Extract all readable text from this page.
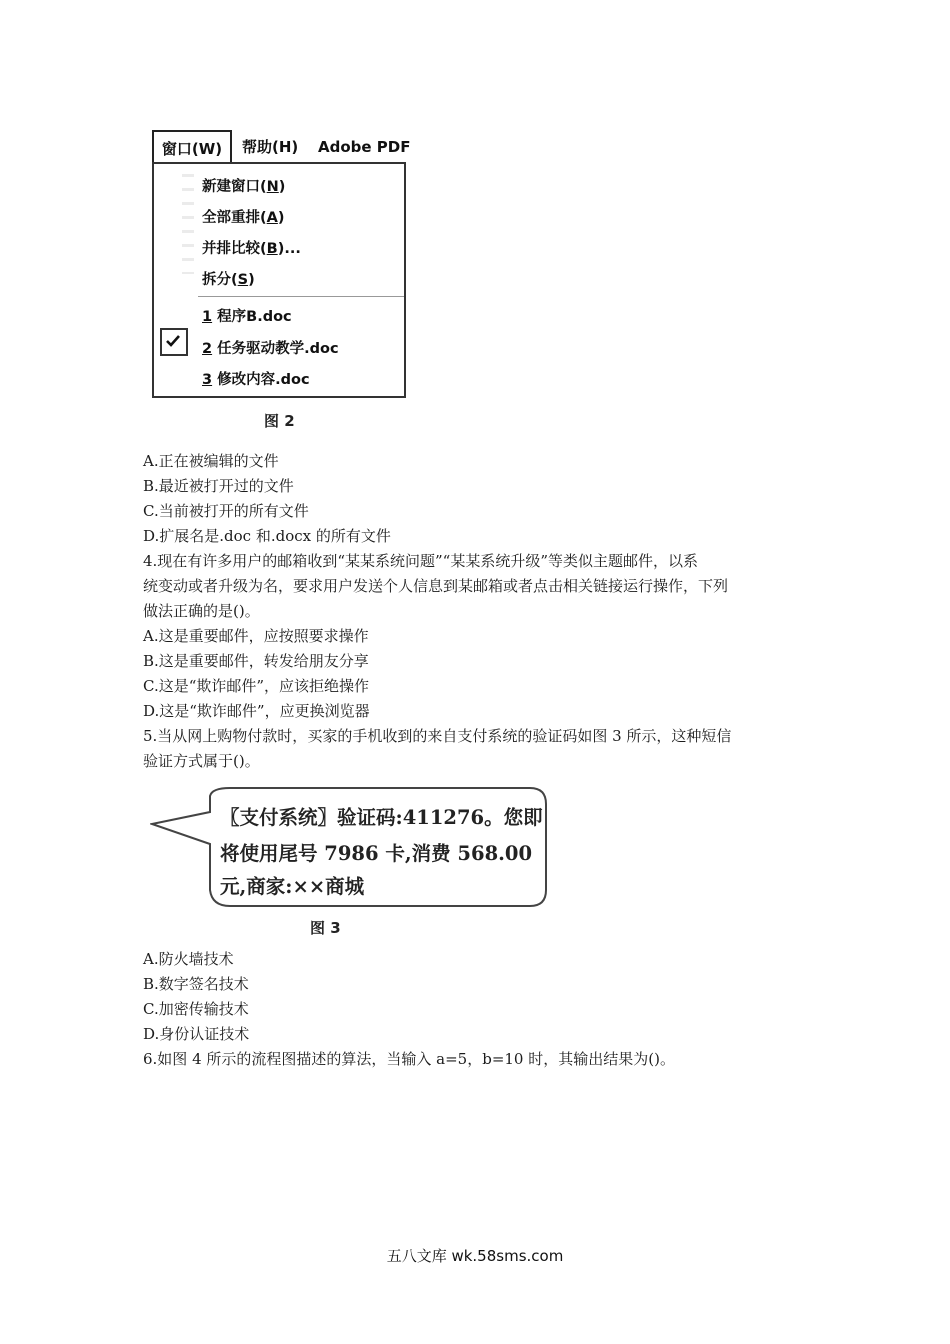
窗口(W)	帮助(H) Adobe PDF
新建窗口(N)
全部重排(A)
并排比较(B)...
拆分(S)
1 程序B.doc
2 任务驱动教学.doc
3 修改内容.doc
图 2
A.正在被编辑的文件
B.最近被打开过的文件
C.当前被打开的所有文件
D.扩展名是.doc 和.docx 的所有文件
4.现在有许多用户的邮箱收到“某某系统问题”“某某系统升级”等类似主题邮件，以系
统变动或者升级为名，要求用户发送个人信息到某邮箱或者点击相关链接运行操作，下列
做法正确的是()。
A.这是重要邮件，应按照要求操作
B.这是重要邮件，转发给朋友分享
C.这是“欺诈邮件”，应该拒绝操作
D.这是“欺诈邮件”，应更换浏览器
5.当从网上购物付款时，买家的手机收到的来自支付系统的验证码如图 3 所示，这种短信
验证方式属于()。
〖支付系统〗验证码:411276。您即
将使用尾号 7986 卡,消费 568.00
元,商家:××商城
图 3
A.防火墙技术
B.数字签名技术
C.加密传输技术
D.身份认证技术
6.如图 4 所示的流程图描述的算法，当输入 a=5，b=10 时，其输出结果为()。
五八文库 wk.58sms.com
